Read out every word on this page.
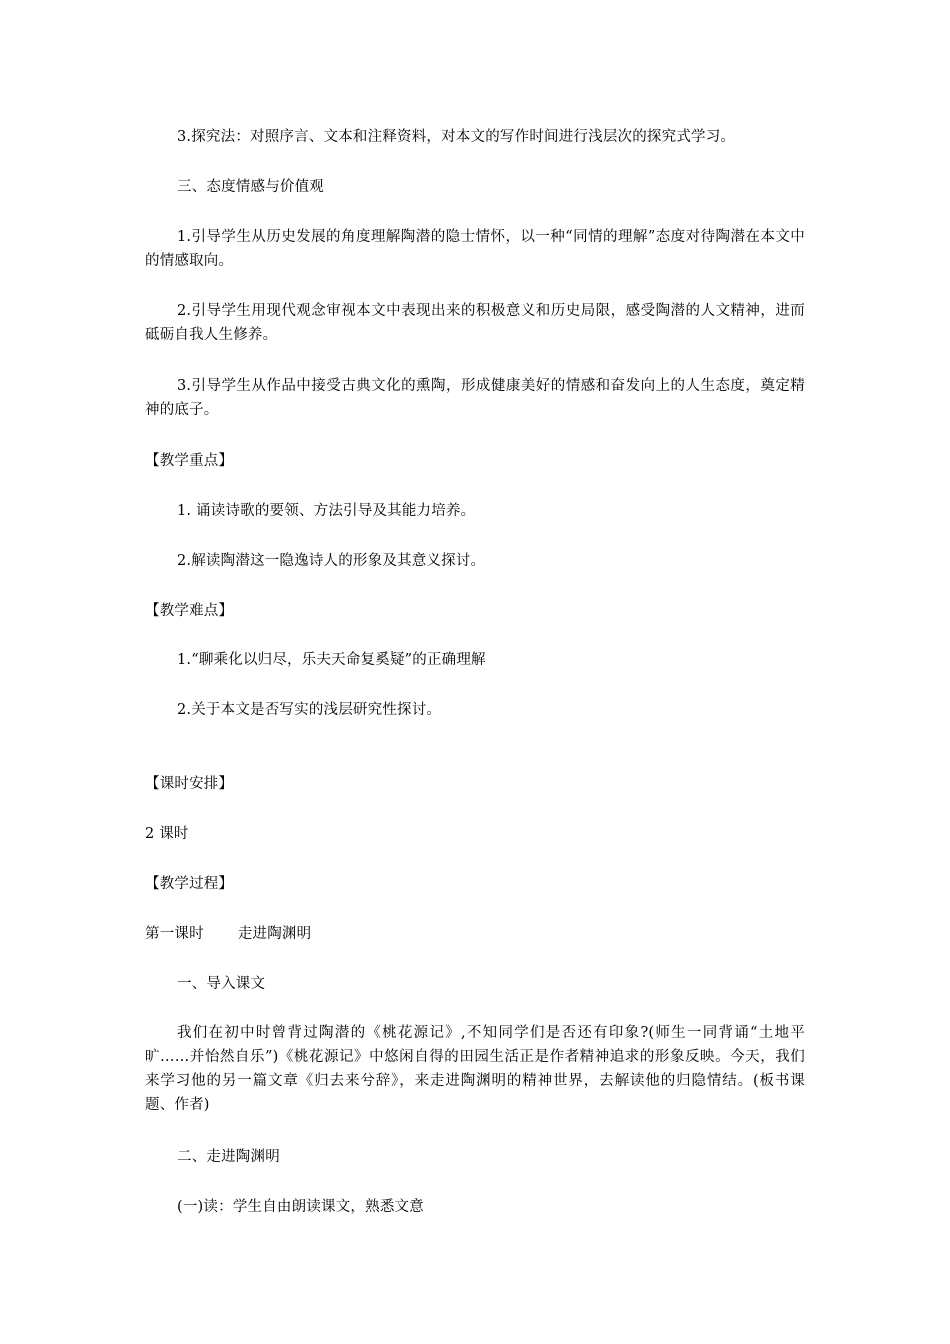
3.探究法：对照序言、文本和注释资料，对本文的写作时间进行浅层次的探究式学习。
三、态度情感与价值观
1.引导学生从历史发展的角度理解陶潜的隐士情怀，以一种“同情的理解”态度对待陶潜在本文中的情感取向。
2.引导学生用现代观念审视本文中表现出来的积极意义和历史局限，感受陶潜的人文精神，进而砥砺自我人生修养。
3.引导学生从作品中接受古典文化的熏陶，形成健康美好的情感和奋发向上的人生态度，奠定精神的底子。
【教学重点】
1. 诵读诗歌的要领、方法引导及其能力培养。
2.解读陶潜这一隐逸诗人的形象及其意义探讨。
【教学难点】
1.“聊乘化以归尽，乐夫天命复奚疑”的正确理解
2.关于本文是否写实的浅层研究性探讨。
【课时安排】
2 课时
【教学过程】
第一课时 走进陶渊明
一、导入课文
我们在初中时曾背过陶潜的《桃花源记》,不知同学们是否还有印象?(师生一同背诵“土地平旷……并怡然自乐”)《桃花源记》中悠闲自得的田园生活正是作者精神追求的形象反映。今天，我们来学习他的另一篇文章《归去来兮辞》，来走进陶渊明的精神世界，去解读他的归隐情结。(板书课题、作者)
二、走进陶渊明
(一)读：学生自由朗读课文，熟悉文意
